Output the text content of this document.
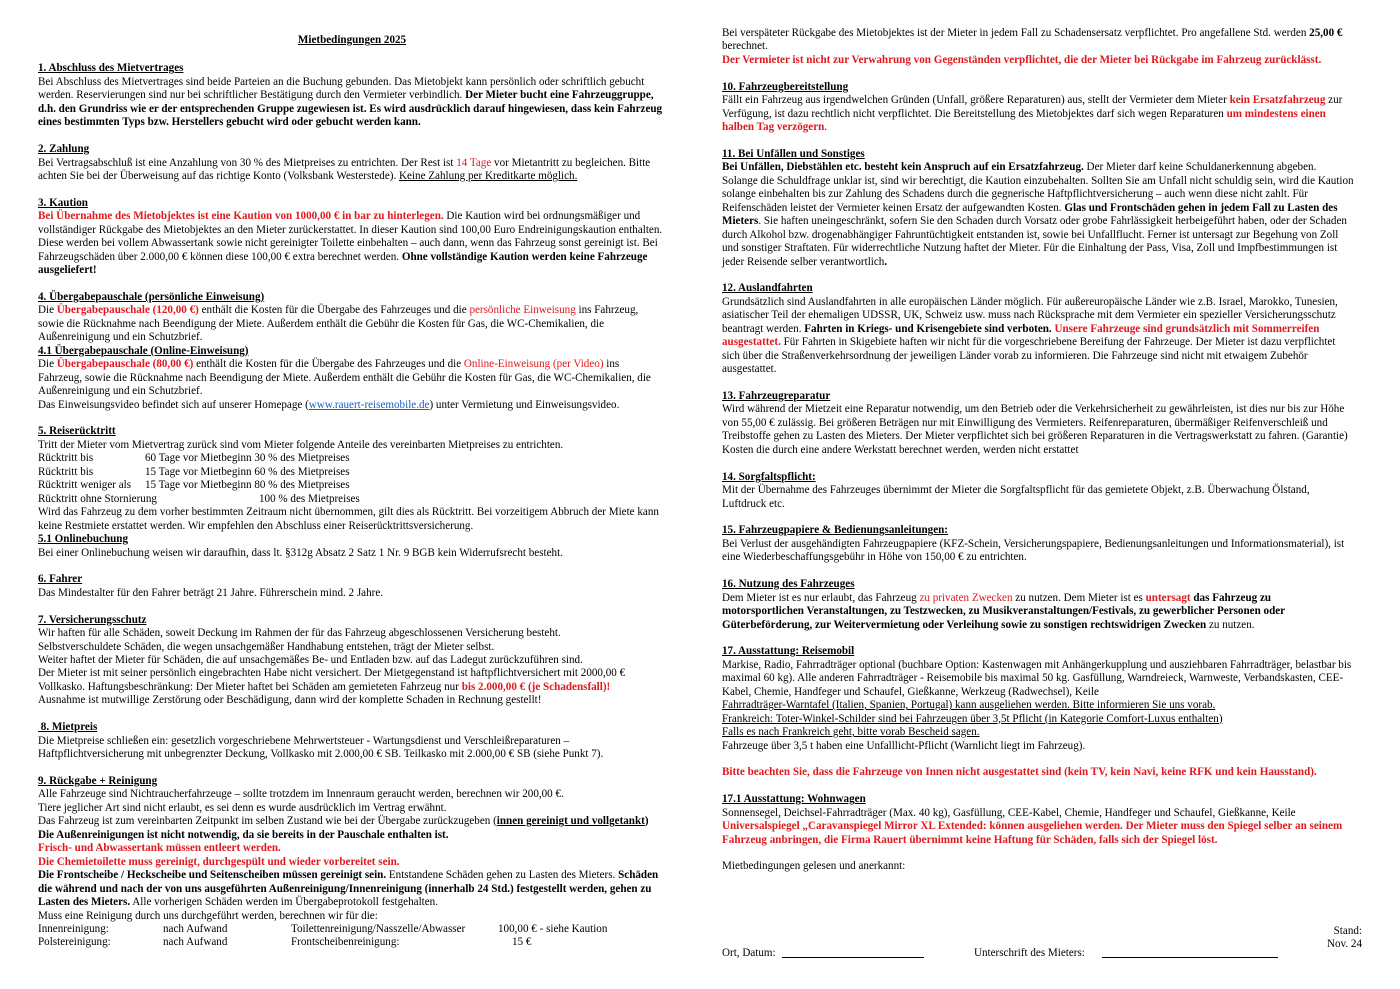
Mietbedingungen 2025
1. Abschluss des Mietvertrages

Bei Abschluss des Mietvertrages sind beide Parteien an die Buchung gebunden. Das Mietobjekt kann persönlich oder schriftlich gebucht werden. Reservierungen sind nur bei schriftlicher Bestätigung durch den Vermieter verbindlich. Der Mieter bucht eine Fahrzeuggruppe, d.h. den Grundriss wie er der entsprechenden Gruppe zugewiesen ist. Es wird ausdrücklich darauf hingewiesen, dass kein Fahrzeug eines bestimmten Typs bzw. Herstellers gebucht wird oder gebucht werden kann.

2. Zahlung

Bei Vertragsabschluß ist eine Anzahlung von 30 % des Mietpreises zu entrichten. Der Rest ist 14 Tage vor Mietantritt zu begleichen. Bitte achten Sie bei der Überweisung auf das richtige Konto (Volksbank Westerstede). Keine Zahlung per Kreditkarte möglich.

3. Kaution

Bei Übernahme des Mietobjektes ist eine Kaution von 1000,00 € in bar zu hinterlegen. Die Kaution wird bei ordnungsmäßiger und vollständiger Rückgabe des Mietobjektes an den Mieter zurückerstattet. In dieser Kaution sind 100,00 Euro Endreinigungskaution enthalten. Diese werden bei vollem Abwassertank sowie nicht gereinigter Toilette einbehalten – auch dann, wenn das Fahrzeug sonst gereinigt ist. Bei Fahrzeugschäden über 2.000,00 € können diese 100,00 € extra berechnet werden. Ohne vollständige Kaution werden keine Fahrzeuge ausgeliefert!

4. Übergabepauschale (persönliche Einweisung)

Die Übergabepauschale (120,00 €) enthält die Kosten für die Übergabe des Fahrzeuges und die persönliche Einweisung ins Fahrzeug, sowie die Rücknahme nach Beendigung der Miete. Außerdem enthält die Gebühr die Kosten für Gas, die WC-Chemikalien, die Außenreinigung und ein Schutzbrief.

4.1 Übergabepauschale (Online-Einweisung)

Die Übergabepauschale (80,00 €) enthält die Kosten für die Übergabe des Fahrzeuges und die Online-Einweisung (per Video) ins Fahrzeug, sowie die Rücknahme nach Beendigung der Miete. Außerdem enthält die Gebühr die Kosten für Gas, die WC-Chemikalien, die Außenreinigung und ein Schutzbrief.

Das Einweisungsvideo befindet sich auf unserer Homepage (www.rauert-reisemobile.de) unter Vermietung und Einweisungsvideo.

5. Reiserücktritt

Tritt der Mieter vom Mietvertrag zurück sind vom Mieter folgende Anteile des vereinbarten Mietpreises zu entrichten.

Rücktritt bis	60 Tage vor Mietbeginn 30 % des Mietpreises
Rücktritt bis	15 Tage vor Mietbeginn 60 % des Mietpreises
Rücktritt weniger als	15 Tage vor Mietbeginn 80 % des Mietpreises
Rücktritt ohne Stornierung	100 % des Mietpreises

Wird das Fahrzeug zu dem vorher bestimmten Zeitraum nicht übernommen, gilt dies als Rücktritt. Bei vorzeitigem Abbruch der Miete kann keine Restmiete erstattet werden. Wir empfehlen den Abschluss einer Reiserücktrittsversicherung.

5.1 Onlinebuchung

Bei einer Onlinebuchung weisen wir daraufhin, dass lt. §312g Absatz 2 Satz 1 Nr. 9 BGB kein Widerrufsrecht besteht.

6. Fahrer

Das Mindestalter für den Fahrer beträgt 21 Jahre. Führerschein mind. 2 Jahre.

7. Versicherungsschutz

Wir haften für alle Schäden, soweit Deckung im Rahmen der für das Fahrzeug abgeschlossenen Versicherung besteht.

Selbstverschuldete Schäden, die wegen unsachgemäßer Handhabung entstehen, trägt der Mieter selbst.

Weiter haftet der Mieter für Schäden, die auf unsachgemäßes Be- und Entladen bzw. auf das Ladegut zurückzuführen sind.

Der Mieter ist mit seiner persönlich eingebrachten Habe nicht versichert. Der Mietgegenstand ist haftpflichtversichert mit 2000,00 € Vollkasko. Haftungsbeschränkung: Der Mieter haftet bei Schäden am gemieteten Fahrzeug nur bis 2.000,00 € (je Schadensfall)!

Ausnahme ist mutwillige Zerstörung oder Beschädigung, dann wird der komplette Schaden in Rechnung gestellt!

8. Mietpreis

Die Mietpreise schließen ein: gesetzlich vorgeschriebene Mehrwertsteuer - Wartungsdienst und Verschleißreparaturen – Haftpflichtversicherung mit unbegrenzter Deckung, Vollkasko mit 2.000,00 € SB. Teilkasko mit 2.000,00 € SB (siehe Punkt 7).

9. Rückgabe + Reinigung

Alle Fahrzeuge sind Nichtraucherfahrzeuge – sollte trotzdem im Innenraum geraucht werden, berechnen wir 200,00 €.

Tiere jeglicher Art sind nicht erlaubt, es sei denn es wurde ausdrücklich im Vertrag erwähnt.

Das Fahrzeug ist zum vereinbarten Zeitpunkt im selben Zustand wie bei der Übergabe zurückzugeben (innen gereinigt und vollgetankt) Die Außenreinigungen ist nicht notwendig, da sie bereits in der Pauschale enthalten ist.

Frisch- und Abwassertank müssen entleert werden.

Die Chemietoilette muss gereinigt, durchgespült und wieder vorbereitet sein.

Die Frontscheibe / Heckscheibe und Seitenscheiben müssen gereinigt sein. Entstandene Schäden gehen zu Lasten des Mieters. Schäden die während und nach der von uns ausgeführten Außenreinigung/Innenreinigung (innerhalb 24 Std.) festgestellt werden, gehen zu Lasten des Mieters. Alle vorherigen Schäden werden im Übergabeprotokoll festgehalten.

Muss eine Reinigung durch uns durchgeführt werden, berechnen wir für die:

Innenreinigung:	nach Aufwand	Toilettenreinigung/Nasszelle/Abwasser	100,00 € - siehe Kaution
Polstereinigung:	nach Aufwand	Frontscheibenreinigung:	15 €

Bei verspäteter Rückgabe des Mietobjektes ist der Mieter in jedem Fall zu Schadensersatz verpflichtet. Pro angefallene Std. werden 25,00 € berechnet.

Der Vermieter ist nicht zur Verwahrung von Gegenständen verpflichtet, die der Mieter bei Rückgabe im Fahrzeug zurücklässt.

10. Fahrzeugbereitstellung

Fällt ein Fahrzeug aus irgendwelchen Gründen (Unfall, größere Reparaturen) aus, stellt der Vermieter dem Mieter kein Ersatzfahrzeug zur Verfügung, ist dazu rechtlich nicht verpflichtet. Die Bereitstellung des Mietobjektes darf sich wegen Reparaturen um mindestens einen halben Tag verzögern.

11. Bei Unfällen und Sonstiges

Bei Unfällen, Diebstählen etc. besteht kein Anspruch auf ein Ersatzfahrzeug. Der Mieter darf keine Schuldanerkennung abgeben. Solange die Schuldfrage unklar ist, sind wir berechtigt, die Kaution einzubehalten. Sollten Sie am Unfall nicht schuldig sein, wird die Kaution solange einbehalten bis zur Zahlung des Schadens durch die gegnerische Haftpflichtversicherung – auch wenn diese nicht zahlt. Für Reifenschäden leistet der Vermieter keinen Ersatz der aufgewandten Kosten. Glas und Frontschäden gehen in jedem Fall zu Lasten des Mieters. Sie haften uneingeschränkt, sofern Sie den Schaden durch Vorsatz oder grobe Fahrlässigkeit herbeigeführt haben, oder der Schaden durch Alkohol bzw. drogenabhängiger Fahruntüchtigkeit entstanden ist, sowie bei Unfallflucht. Ferner ist untersagt zur Begehung von Zoll und sonstiger Straftaten. Für widerrechtliche Nutzung haftet der Mieter. Für die Einhaltung der Pass, Visa, Zoll und Impfbestimmungen ist jeder Reisende selber verantwortlich.

12. Auslandfahrten

Grundsätzlich sind Auslandfahrten in alle europäischen Länder möglich. Für außereuropäische Länder wie z.B. Israel, Marokko, Tunesien, asiatischer Teil der ehemaligen UDSSR, UK, Schweiz usw. muss nach Rücksprache mit dem Vermieter ein spezieller Versicherungsschutz beantragt werden. Fahrten in Kriegs- und Krisengebiete sind verboten. Unsere Fahrzeuge sind grundsätzlich mit Sommerreifen ausgestattet. Für Fahrten in Skigebiete haften wir nicht für die vorgeschriebene Bereifung der Fahrzeuge. Der Mieter ist dazu verpflichtet sich über die Straßenverkehrsordnung der jeweiligen Länder vorab zu informieren. Die Fahrzeuge sind nicht mit etwaigem Zubehör ausgestattet.

13. Fahrzeugreparatur

Wird während der Mietzeit eine Reparatur notwendig, um den Betrieb oder die Verkehrsicherheit zu gewährleisten, ist dies nur bis zur Höhe von 55,00 € zulässig. Bei größeren Beträgen nur mit Einwilligung des Vermieters. Reifenreparaturen, übermäßiger Reifenverschleiß und Treibstoffe gehen zu Lasten des Mieters. Der Mieter verpflichtet sich bei größeren Reparaturen in die Vertragswerkstatt zu fahren. (Garantie) Kosten die durch eine andere Werkstatt berechnet werden, werden nicht erstattet

14. Sorgfaltspflicht:

Mit der Übernahme des Fahrzeuges übernimmt der Mieter die Sorgfaltspflicht für das gemietete Objekt, z.B. Überwachung Ölstand, Luftdruck etc.

15. Fahrzeugpapiere & Bedienungsanleitungen:

Bei Verlust der ausgehändigten Fahrzeugpapiere (KFZ-Schein, Versicherungspapiere, Bedienungsanleitungen und Informationsmaterial), ist eine Wiederbeschaffungsgebühr in Höhe von 150,00 € zu entrichten.

16. Nutzung des Fahrzeuges

Dem Mieter ist es nur erlaubt, das Fahrzeug zu privaten Zwecken zu nutzen. Dem Mieter ist es untersagt das Fahrzeug zu motorsportlichen Veranstaltungen, zu Testzwecken, zu Musikveranstaltungen/Festivals, zu gewerblicher Personen oder Güterbeförderung, zur Weitervermietung oder Verleihung sowie zu sonstigen rechtswidrigen Zwecken zu nutzen.

17. Ausstattung: Reisemobil

Markise, Radio, Fahrradträger optional (buchbare Option: Kastenwagen mit Anhängerkupplung und ausziehbaren Fahrradträger, belastbar bis maximal 60 kg). Alle anderen Fahrradträger - Reisemobile bis maximal 50 kg. Gasfüllung, Warndreieck, Warnweste, Verbandskasten, CEE-Kabel, Chemie, Handfeger und Schaufel, Gießkanne, Werkzeug (Radwechsel), Keile

Fahrradträger-Warntafel (Italien, Spanien, Portugal) kann ausgeliehen werden. Bitte informieren Sie uns vorab.

Frankreich: Toter-Winkel-Schilder sind bei Fahrzeugen über 3,5t Pflicht (in Kategorie Comfort-Luxus enthalten)

Falls es nach Frankreich geht, bitte vorab Bescheid sagen.

Fahrzeuge über 3,5 t haben eine Unfalllicht-Pflicht (Warnlicht liegt im Fahrzeug).

Bitte beachten Sie, dass die Fahrzeuge von Innen nicht ausgestattet sind (kein TV, kein Navi, keine RFK und kein Hausstand).

17.1 Ausstattung: Wohnwagen

Sonnensegel, Deichsel-Fahrradträger (Max. 40 kg), Gasfüllung, CEE-Kabel, Chemie, Handfeger und Schaufel, Gießkanne, Keile

Universalspiegel „Caravanspiegel Mirror XL Extended: können ausgeliehen werden. Der Mieter muss den Spiegel selber an seinem Fahrzeug anbringen, die Firma Rauert übernimmt keine Haftung für Schäden, falls sich der Spiegel löst.

Mietbedingungen gelesen und anerkannt:

Stand:
Nov. 24
Ort, Datum:	Unterschrift des Mieters:
